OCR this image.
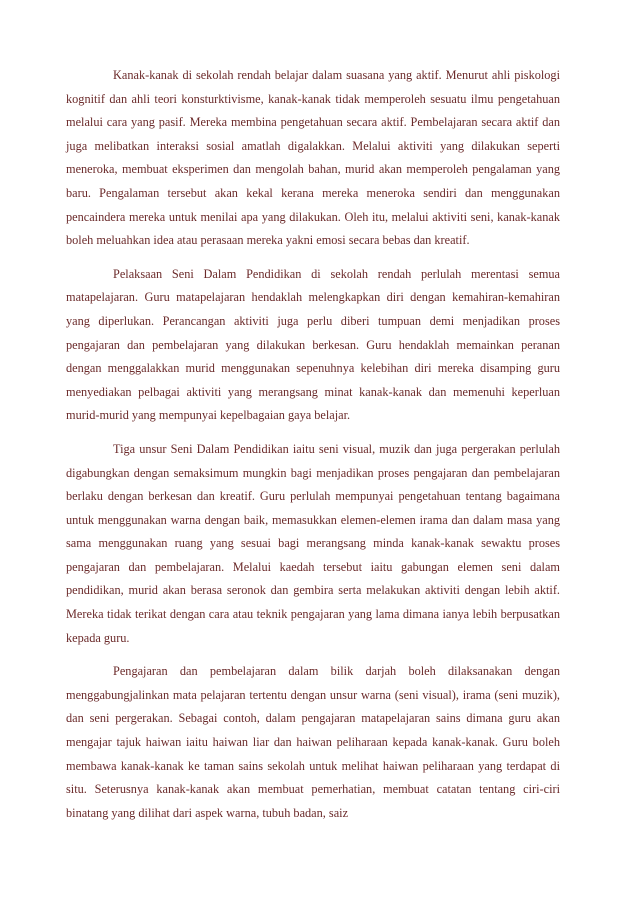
Kanak-kanak di sekolah rendah belajar dalam suasana yang aktif. Menurut ahli piskologi kognitif dan ahli teori konsturktivisme, kanak-kanak tidak memperoleh sesuatu ilmu pengetahuan melalui cara yang pasif. Mereka membina pengetahuan secara aktif. Pembelajaran secara aktif dan juga melibatkan interaksi sosial amatlah digalakkan. Melalui aktiviti yang dilakukan seperti meneroka, membuat eksperimen dan mengolah bahan, murid akan memperoleh pengalaman yang baru. Pengalaman tersebut akan kekal kerana mereka meneroka sendiri dan menggunakan pencaindera mereka untuk menilai apa yang dilakukan. Oleh itu, melalui aktiviti seni, kanak-kanak boleh meluahkan idea atau perasaan mereka yakni emosi secara bebas dan kreatif.

Pelaksaan Seni Dalam Pendidikan di sekolah rendah perlulah merentasi semua matapelajaran. Guru matapelajaran hendaklah melengkapkan diri dengan kemahiran-kemahiran yang diperlukan. Perancangan aktiviti juga perlu diberi tumpuan demi menjadikan proses pengajaran dan pembelajaran yang dilakukan berkesan. Guru hendaklah memainkan peranan dengan menggalakkan murid menggunakan sepenuhnya kelebihan diri mereka disamping guru menyediakan pelbagai aktiviti yang merangsang minat kanak-kanak dan memenuhi keperluan murid-murid yang mempunyai kepelbagaian gaya belajar.

Tiga unsur Seni Dalam Pendidikan iaitu seni visual, muzik dan juga pergerakan perlulah digabungkan dengan semaksimum mungkin bagi menjadikan proses pengajaran dan pembelajaran berlaku dengan berkesan dan kreatif. Guru perlulah mempunyai pengetahuan tentang bagaimana untuk menggunakan warna dengan baik, memasukkan elemen-elemen irama dan dalam masa yang sama menggunakan ruang yang sesuai bagi merangsang minda kanak-kanak sewaktu proses pengajaran dan pembelajaran. Melalui kaedah tersebut iaitu gabungan elemen seni dalam pendidikan, murid akan berasa seronok dan gembira serta melakukan aktiviti dengan lebih aktif. Mereka tidak terikat dengan cara atau teknik pengajaran yang lama dimana ianya lebih berpusatkan kepada guru.

Pengajaran dan pembelajaran dalam bilik darjah boleh dilaksanakan dengan menggabungjalinkan mata pelajaran tertentu dengan unsur warna (seni visual), irama (seni muzik), dan seni pergerakan. Sebagai contoh, dalam pengajaran matapelajaran sains dimana guru akan mengajar tajuk haiwan iaitu haiwan liar dan haiwan peliharaan kepada kanak-kanak. Guru boleh membawa kanak-kanak ke taman sains sekolah untuk melihat haiwan peliharaan yang terdapat di situ. Seterusnya kanak-kanak akan membuat pemerhatian, membuat catatan tentang ciri-ciri binatang yang dilihat dari aspek warna, tubuh badan, saiz
